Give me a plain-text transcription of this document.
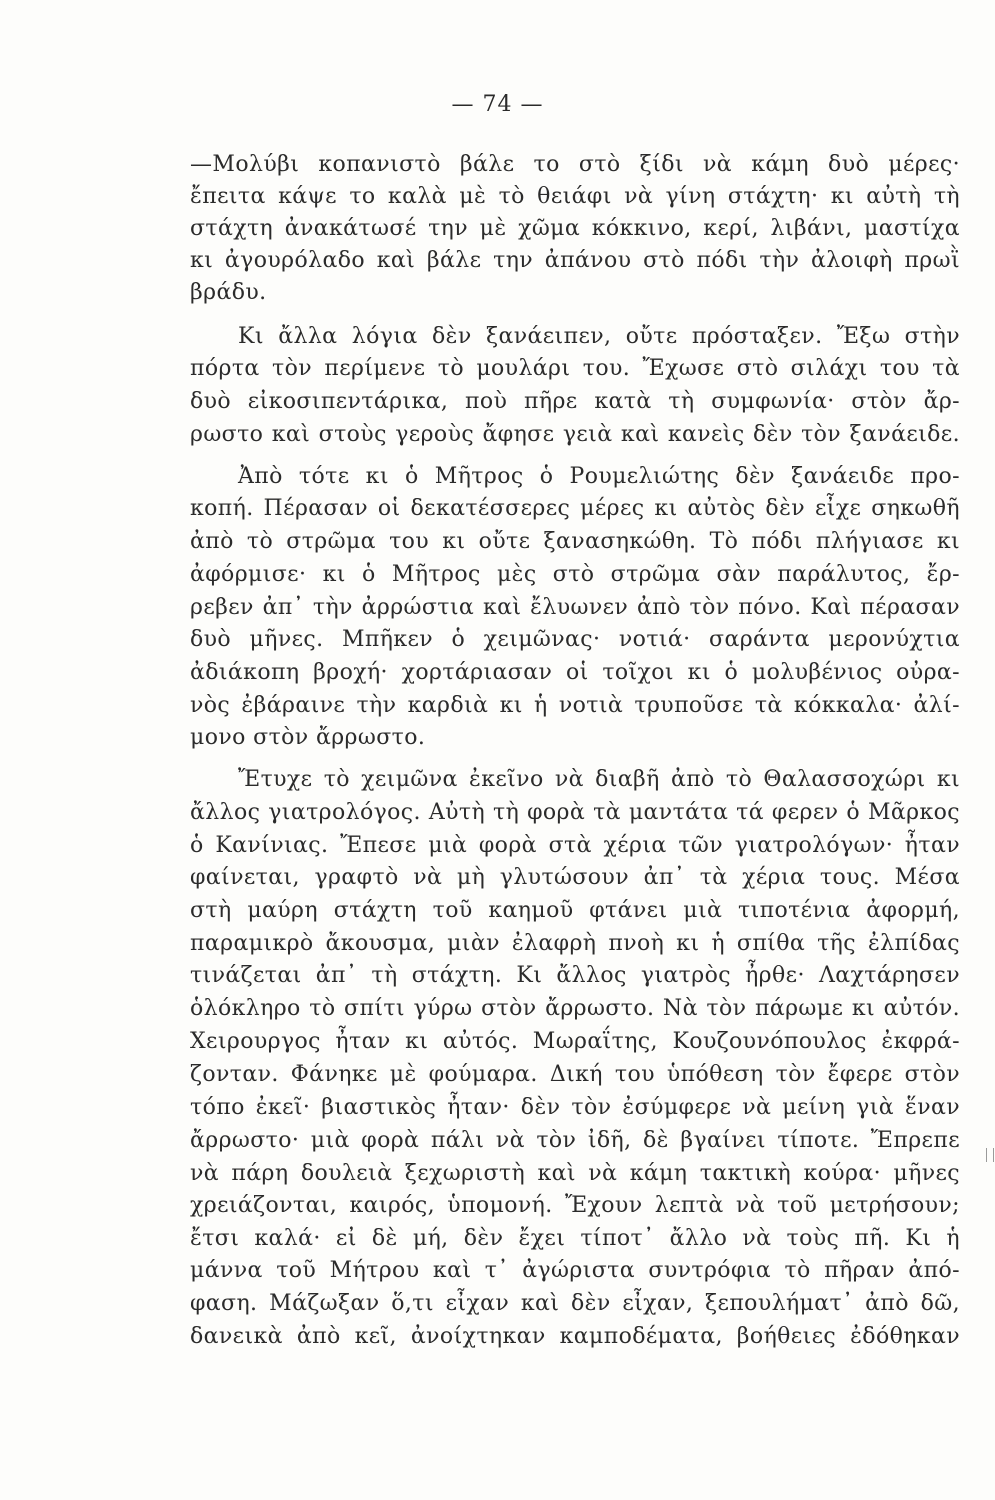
— 74 —
—Μολύβι κοπανιστὸ βάλε το στὸ ξίδι νὰ κάμη δυὸ μέρες·
ἔπειτα κάψε το καλὰ μὲ τὸ θειάφι νὰ γίνη στάχτη· κι αὐτὴ τὴ
στάχτη ἀνακάτωσέ την μὲ χῶμα κόκκινο, κερί, λιβάνι, μαστίχα
κι ἀγουρόλαδο καὶ βάλε την ἀπάνου στὸ πόδι τὴν ἀλοιφὴ πρωῒ
βράδυ.
Κι ἄλλα λόγια δὲν ξανάειπεν, οὔτε πρόσταξεν. Ἔξω στὴν
πόρτα τὸν περίμενε τὸ μουλάρι του. Ἔχωσε στὸ σιλάχι του τὰ
δυὸ εἰκοσιπεντάρικα, ποὺ πῆρε κατὰ τὴ συμφωνία· στὸν ἄρ-
ρωστο καὶ στοὺς γεροὺς ἄφησε γειὰ καὶ κανεὶς δὲν τὸν ξανάειδε.
Ἀπὸ τότε κι ὁ Μῆτρος ὁ Ρουμελιώτης δὲν ξανάειδε προ-
κοπή. Πέρασαν οἱ δεκατέσσερες μέρες κι αὐτὸς δὲν εἶχε σηκωθῆ
ἀπὸ τὸ στρῶμα του κι οὔτε ξανασηκώθη. Τὸ πόδι πλήγιασε κι
ἀφόρμισε· κι ὁ Μῆτρος μὲς στὸ στρῶμα σὰν παράλυτος, ἔρ-
ρεβεν ἀπ᾿ τὴν ἀρρώστια καὶ ἔλυωνεν ἀπὸ τὸν πόνο. Καὶ πέρασαν
δυὸ μῆνες. Μπῆκεν ὁ χειμῶνας· νοτιά· σαράντα μερονύχτια
ἀδιάκοπη βροχή· χορτάριασαν οἱ τοῖχοι κι ὁ μολυβένιος οὐρα-
νὸς ἐβάραινε τὴν καρδιὰ κι ἡ νοτιὰ τρυποῦσε τὰ κόκκαλα· ἀλί-
μονο στὸν ἄρρωστο.
Ἔτυχε τὸ χειμῶνα ἐκεῖνο νὰ διαβῆ ἀπὸ τὸ Θαλασσοχώρι κι
ἄλλος γιατρολόγος. Αὐτὴ τὴ φορὰ τὰ μαντάτα τά φερεν ὁ Μᾶρκος
ὁ Κανίνιας. Ἔπεσε μιὰ φορὰ στὰ χέρια τῶν γιατρολόγων· ἦταν
φαίνεται, γραφτὸ νὰ μὴ γλυτώσουν ἀπ᾿ τὰ χέρια τους. Μέσα
στὴ μαύρη στάχτη τοῦ καημοῦ φτάνει μιὰ τιποτένια ἀφορμή,
παραμικρὸ ἄκουσμα, μιὰν ἐλαφρὴ πνοὴ κι ἡ σπίθα τῆς ἐλπίδας
τινάζεται ἀπ᾿ τὴ στάχτη. Κι ἄλλος γιατρὸς ἦρθε· Λαχτάρησεν
ὁλόκληρο τὸ σπίτι γύρω στὸν ἄρρωστο. Νὰ τὸν πάρωμε κι αὐτόν.
Χειρουργος ἦταν κι αὐτός. Μωραΐτης, Κουζουνόπουλος ἐκφρά-
ζονταν. Φάνηκε μὲ φούμαρα. Δική του ὑπόθεση τὸν ἔφερε στὸν
τόπο ἐκεῖ· βιαστικὸς ἦταν· δὲν τὸν ἐσύμφερε νὰ μείνη γιὰ ἕναν
ἄρρωστο· μιὰ φορὰ πάλι νὰ τὸν ἰδῆ, δὲ βγαίνει τίποτε. Ἔπρεπε
νὰ πάρη δουλειὰ ξεχωριστὴ καὶ νὰ κάμη τακτικὴ κούρα· μῆνες
χρειάζονται, καιρός, ὑπομονή. Ἔχουν λεπτὰ νὰ τοῦ μετρήσουν;
ἔτσι καλά· εἰ δὲ μή, δὲν ἔχει τίποτ᾿ ἄλλο νὰ τοὺς πῆ. Κι ἡ
μάννα τοῦ Μήτρου καὶ τ᾿ ἀγώριστα συντρόφια τὸ πῆραν ἀπό-
φαση. Μάζωξαν ὅ,τι εἶχαν καὶ δὲν εἶχαν, ξεπουλήματ᾿ ἀπὸ δῶ,
δανεικὰ ἀπὸ κεῖ, ἀνοίχτηκαν καμποδέματα, βοήθειες ἐδόθηκαν
